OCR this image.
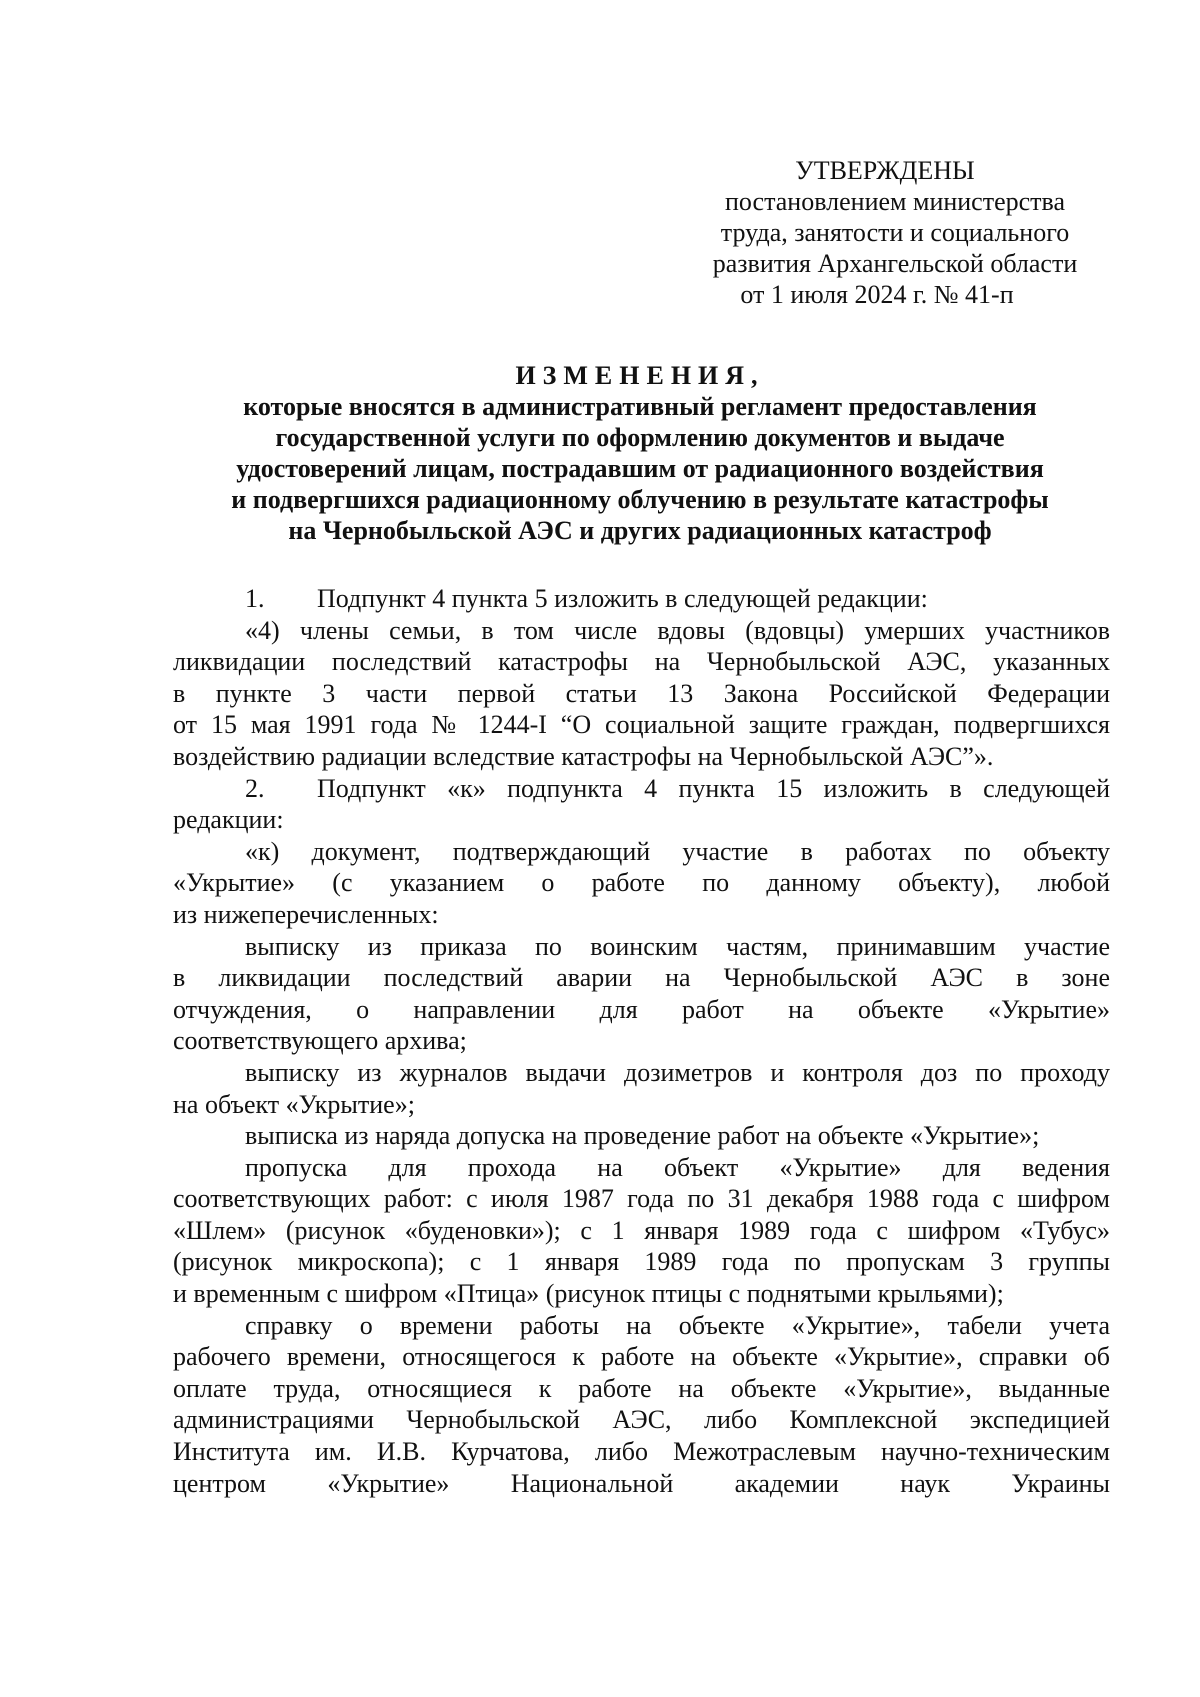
УТВЕРЖДЕНЫ
постановлением министерства
труда, занятости и социального
развития Архангельской области
от 1 июля 2024 г. № 41-п
ИЗМЕНЕНИЯ,
которые вносятся в административный регламент предоставления
государственной услуги по оформлению документов и выдаче
удостоверений лицам, пострадавшим от радиационного воздействия
и подвергшихся радиационному облучению в результате катастрофы
на Чернобыльской АЭС и других радиационных катастроф
1. Подпункт 4 пункта 5 изложить в следующей редакции:
«4) члены семьи, в том числе вдовы (вдовцы) умерших участников
ликвидации последствий катастрофы на Чернобыльской АЭС, указанных
в пункте 3 части первой статьи 13 Закона Российской Федерации
от 15 мая 1991 года № 1244-I “О социальной защите граждан, подвергшихся
воздействию радиации вследствие катастрофы на Чернобыльской АЭС”».
2. Подпункт «к» подпункта 4 пункта 15 изложить в следующей
редакции:
«к) документ, подтверждающий участие в работах по объекту
«Укрытие» (с указанием о работе по данному объекту), любой
из нижеперечисленных:
выписку из приказа по воинским частям, принимавшим участие
в ликвидации последствий аварии на Чернобыльской АЭС в зоне
отчуждения, о направлении для работ на объекте «Укрытие»
соответствующего архива;
выписку из журналов выдачи дозиметров и контроля доз по проходу
на объект «Укрытие»;
выписка из наряда допуска на проведение работ на объекте «Укрытие»;
пропуска для прохода на объект «Укрытие» для ведения
соответствующих работ: с июля 1987 года по 31 декабря 1988 года с шифром
«Шлем» (рисунок «буденовки»); с 1 января 1989 года с шифром «Тубус»
(рисунок микроскопа); с 1 января 1989 года по пропускам 3 группы
и временным с шифром «Птица» (рисунок птицы с поднятыми крыльями);
справку о времени работы на объекте «Укрытие», табели учета
рабочего времени, относящегося к работе на объекте «Укрытие», справки об
оплате труда, относящиеся к работе на объекте «Укрытие», выданные
администрациями Чернобыльской АЭС, либо Комплексной экспедицией
Института им. И.В. Курчатова, либо Межотраслевым научно-техническим
центром «Укрытие» Национальной академии наук Украины
